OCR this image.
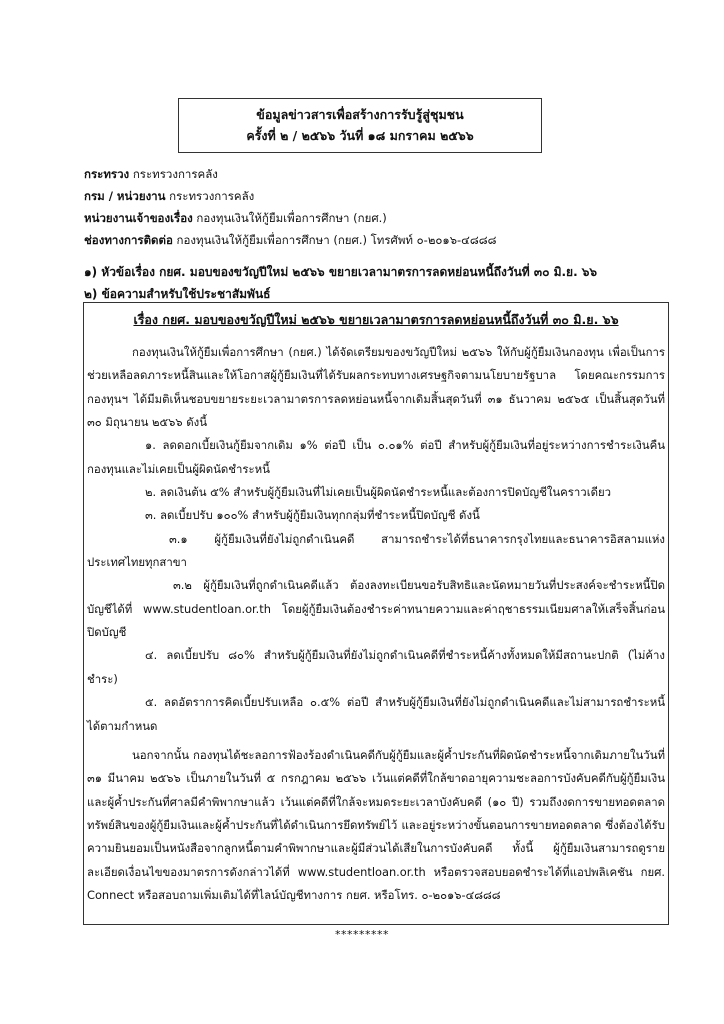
ข้อมูลข่าวสารเพื่อสร้างการรับรู้สู่ชุมชน
ครั้งที่ ๒ / ๒๕๖๖ วันที่ ๑๘ มกราคม ๒๕๖๖
กระทรวง กระทรวงการคลัง
กรม / หน่วยงาน กระทรวงการคลัง
หน่วยงานเจ้าของเรื่อง กองทุนเงินให้กู้ยืมเพื่อการศึกษา (กยศ.)
ช่องทางการติดต่อ กองทุนเงินให้กู้ยืมเพื่อการศึกษา (กยศ.) โทรศัพท์ ๐-๒๐๑๖-๔๘๘๘
๑) หัวข้อเรื่อง กยศ. มอบของขวัญปีใหม่ ๒๕๖๖ ขยายเวลามาตรการลดหย่อนหนี้ถึงวันที่ ๓๐ มิ.ย. ๖๖
๒) ข้อความสำหรับใช้ประชาสัมพันธ์
เรื่อง กยศ. มอบของขวัญปีใหม่ ๒๕๖๖ ขยายเวลามาตรการลดหย่อนหนี้ถึงวันที่ ๓๐ มิ.ย. ๖๖

กองทุนเงินให้กู้ยืมเพื่อการศึกษา (กยศ.) ได้จัดเตรียมของขวัญปีใหม่ ๒๕๖๖ ให้กับผู้กู้ยืมเงินกองทุน เพื่อเป็นการช่วยเหลือลดภาระหนี้สินและให้โอกาสผู้กู้ยืมเงินที่ได้รับผลกระทบทางเศรษฐกิจตามนโยบายรัฐบาล โดยคณะกรรมการกองทุนฯ ได้มีมติเห็นชอบขยายระยะเวลามาตรการลดหย่อนหนี้จากเดิมสิ้นสุดวันที่ ๓๑ ธันวาคม ๒๕๖๕ เป็นสิ้นสุดวันที่ ๓๐ มิถุนายน ๒๕๖๖ ดังนี้

๑. ลดดอกเบี้ยเงินกู้ยืมจากเดิม ๑% ต่อปี เป็น ๐.๐๑% ต่อปี สำหรับผู้กู้ยืมเงินที่อยู่ระหว่างการชำระเงินคืนกองทุนและไม่เคยเป็นผู้ผิดนัดชำระหนี้

๒. ลดเงินต้น ๕% สำหรับผู้กู้ยืมเงินที่ไม่เคยเป็นผู้ผิดนัดชำระหนี้และต้องการปิดบัญชีในคราวเดียว

๓. ลดเบี้ยปรับ ๑๐๐% สำหรับผู้กู้ยืมเงินทุกกลุ่มที่ชำระหนี้ปิดบัญชี ดังนี้

๓.๑ ผู้กู้ยืมเงินที่ยังไม่ถูกดำเนินคดี สามารถชำระได้ที่ธนาคารกรุงไทยและธนาคารอิสลามแห่งประเทศไทยทุกสาขา

๓.๒ ผู้กู้ยืมเงินที่ถูกดำเนินคดีแล้ว ต้องลงทะเบียนขอรับสิทธิและนัดหมายวันที่ประสงค์จะชำระหนี้ปิดบัญชีได้ที่ www.studentloan.or.th โดยผู้กู้ยืมเงินต้องชำระค่าทนายความและค่าฤชาธรรมเนียมศาลให้เสร็จสิ้นก่อนปิดบัญชี

๔. ลดเบี้ยปรับ ๘๐% สำหรับผู้กู้ยืมเงินที่ยังไม่ถูกดำเนินคดีที่ชำระหนี้ค้างทั้งหมดให้มีสถานะปกติ (ไม่ค้างชำระ)

๕. ลดอัตราการคิดเบี้ยปรับเหลือ ๐.๕% ต่อปี สำหรับผู้กู้ยืมเงินที่ยังไม่ถูกดำเนินคดีและไม่สามารถชำระหนี้ได้ตามกำหนด

นอกจากนั้น กองทุนได้ชะลอการฟ้องร้องดำเนินคดีกับผู้กู้ยืมและผู้ค้ำประกันที่ผิดนัดชำระหนี้จากเดิมภายในวันที่ ๓๑ มีนาคม ๒๕๖๖ เป็นภายในวันที่ ๕ กรกฎาคม ๒๕๖๖ เว้นแต่คดีที่ใกล้ขาดอายุความชะลอการบังคับคดีกับผู้กู้ยืมเงินและผู้ค้ำประกันที่ศาลมีคำพิพากษาแล้ว เว้นแต่คดีที่ใกล้จะหมดระยะเวลาบังคับคดี (๑๐ ปี) รวมถึงงดการขายทอดตลาดทรัพย์สินของผู้กู้ยืมเงินและผู้ค้ำประกันที่ได้ดำเนินการยึดทรัพย์ไว้ และอยู่ระหว่างขั้นตอนการขายทอดตลาด ซึ่งต้องได้รับความยินยอมเป็นหนังสือจากลูกหนี้ตามคำพิพากษาและผู้มีส่วนได้เสียในการบังคับคดี ทั้งนี้ ผู้กู้ยืมเงินสามารถดูรายละเอียดเงื่อนไขของมาตรการดังกล่าวได้ที่ www.studentloan.or.th หรือตรวจสอบยอดชำระได้ที่แอปพลิเคชัน กยศ. Connect หรือสอบถามเพิ่มเติมได้ที่ไลน์บัญชีทางการ กยศ. หรือโทร. ๐-๒๐๑๖-๔๘๘๘

*********
